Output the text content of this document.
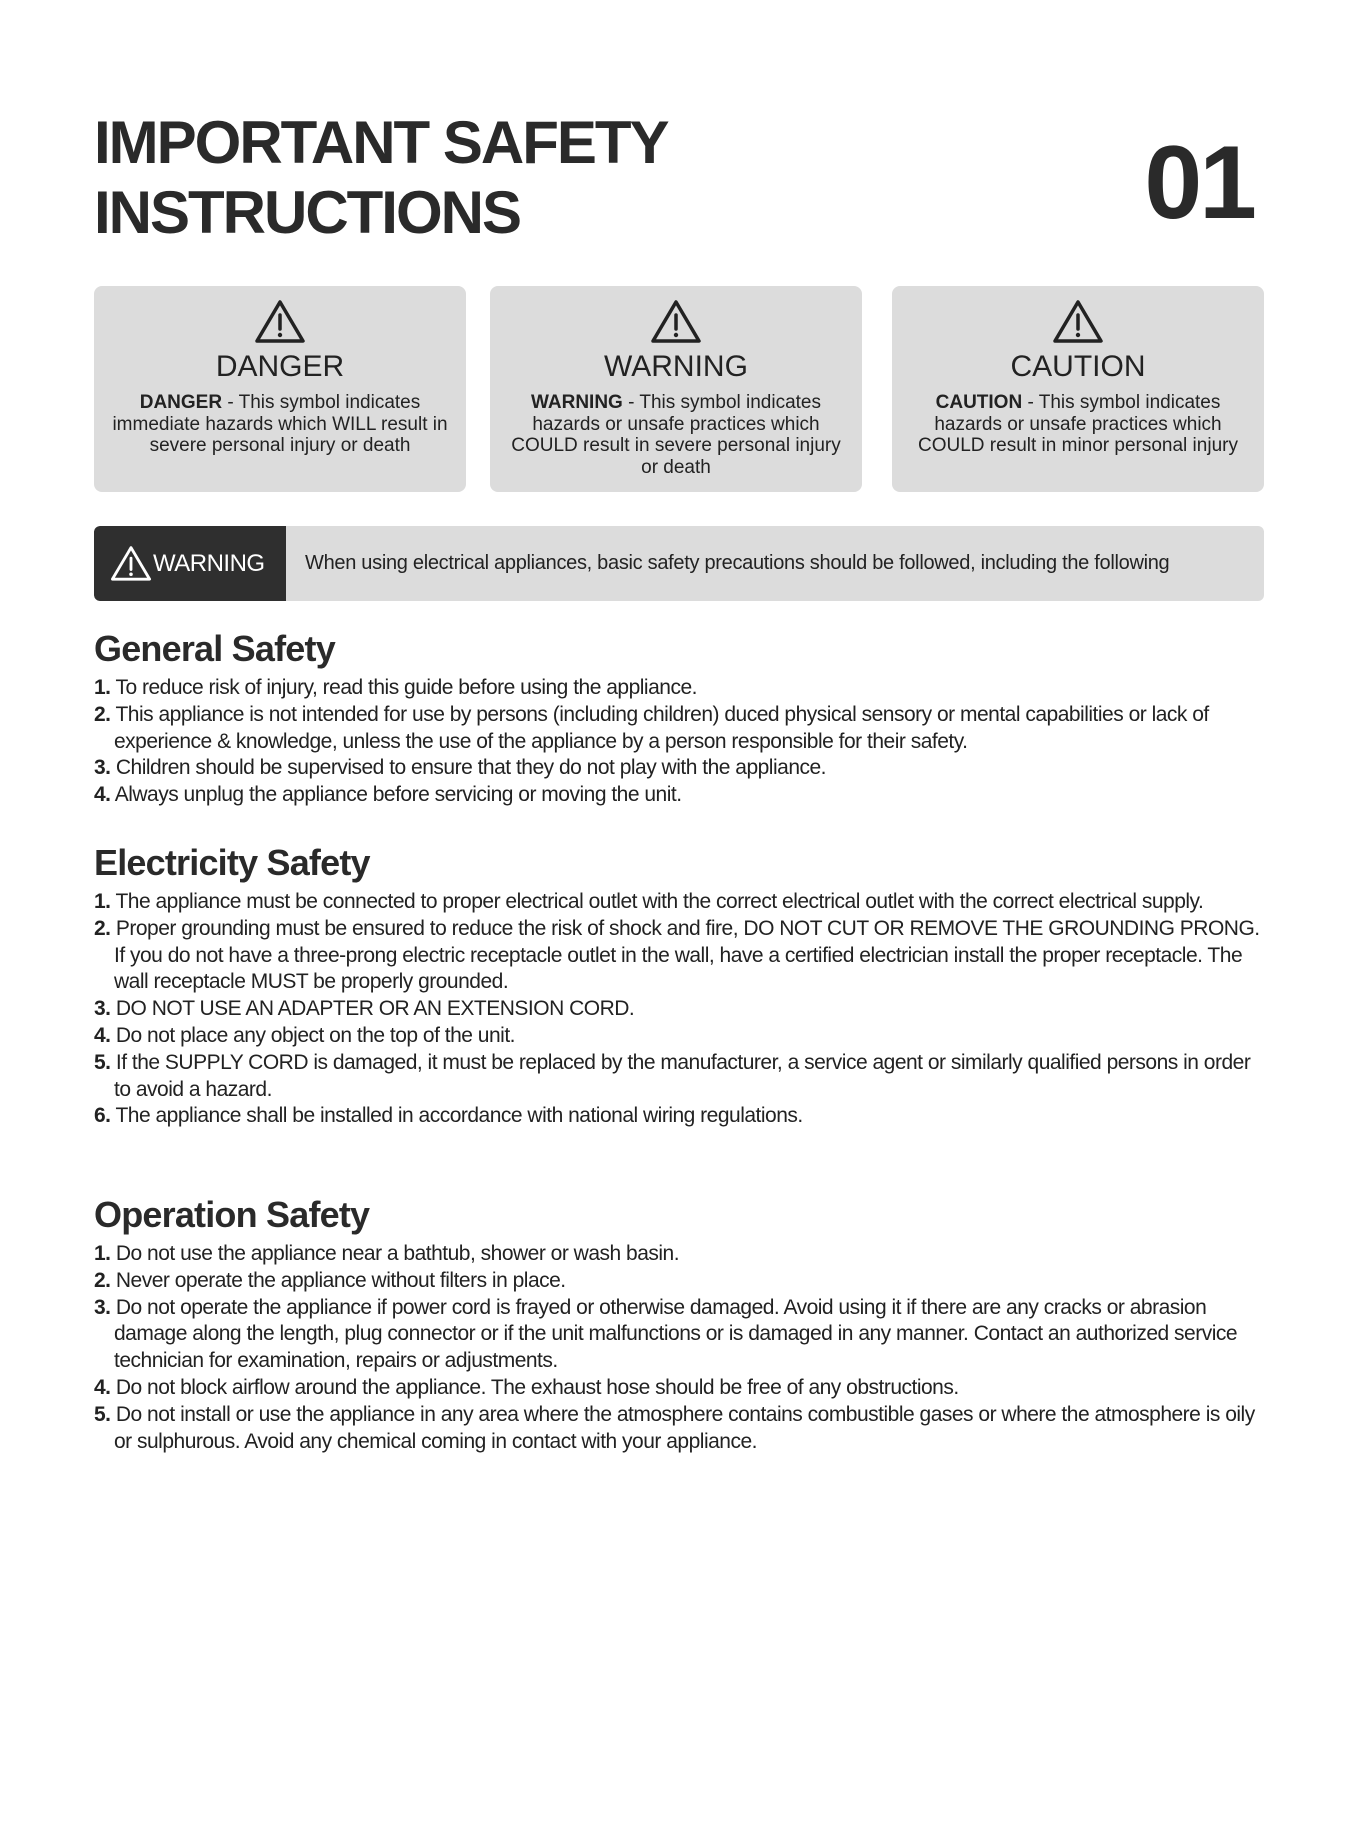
IMPORTANT SAFETY
INSTRUCTIONS	01
DANGER
DANGER - This symbol indicates immediate hazards which WILL result in severe personal injury or death
WARNING
WARNING - This symbol indicates hazards or unsafe practices which COULD result in severe personal injury or death
CAUTION
CAUTION - This symbol indicates hazards or unsafe practices which COULD result in minor personal injury
WARNING When using electrical appliances, basic safety precautions should be followed, including the following
General Safety
1. To reduce risk of injury, read this guide before using the appliance.
2. This appliance is not intended for use by persons (including children) duced physical sensory or mental capabilities or lack of experience & knowledge, unless the use of the appliance by a person responsible for their safety.
3. Children should be supervised to ensure that they do not play with the appliance.
4. Always unplug the appliance before servicing or moving the unit.
Electricity Safety
1. The appliance must be connected to proper electrical outlet with the correct electrical outlet with the correct electrical supply.
2. Proper grounding must be ensured to reduce the risk of shock and fire, DO NOT CUT OR REMOVE THE GROUNDING PRONG. If you do not have a three-prong electric receptacle outlet in the wall, have a certified electrician install the proper receptacle. The wall receptacle MUST be properly grounded.
3. DO NOT USE AN ADAPTER OR AN EXTENSION CORD.
4. Do not place any object on the top of the unit.
5. If the SUPPLY CORD is damaged, it must be replaced by the manufacturer, a service agent or similarly qualified persons in order to avoid a hazard.
6. The appliance shall be installed in accordance with national wiring regulations.
Operation Safety
1. Do not use the appliance near a bathtub, shower or wash basin.
2. Never operate the appliance without filters in place.
3. Do not operate the appliance if power cord is frayed or otherwise damaged. Avoid using it if there are any cracks or abrasion damage along the length, plug connector or if the unit malfunctions or is damaged in any manner. Contact an authorized service technician for examination, repairs or adjustments.
4. Do not block airflow around the appliance. The exhaust hose should be free of any obstructions.
5. Do not install or use the appliance in any area where the atmosphere contains combustible gases or where the atmosphere is oily or sulphurous. Avoid any chemical coming in contact with your appliance.
